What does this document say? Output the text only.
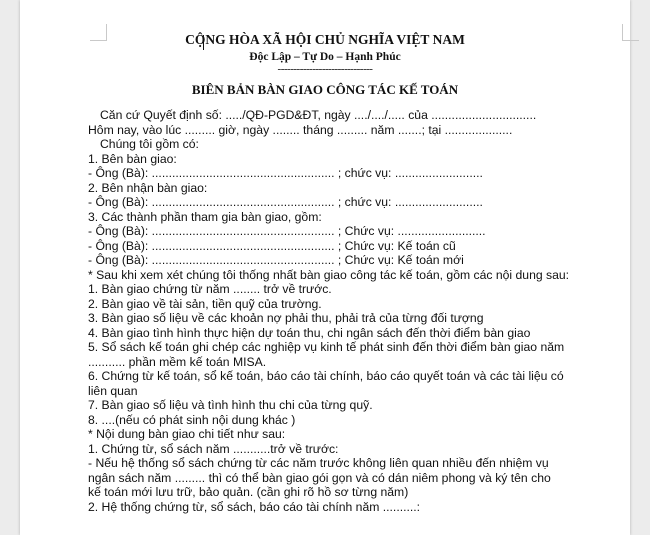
CỘNG HÒA XÃ HỘI CHỦ NGHĨA VIỆT NAM
Độc Lập – Tự Do – Hạnh Phúc
------------------------------
BIÊN BẢN BÀN GIAO CÔNG TÁC KẾ TOÁN
Căn cứ Quyết định số: ...../QĐ-PGD&ĐT, ngày ..../..../..... của ...............................
Hôm nay, vào lúc ......... giờ, ngày ........ tháng ......... năm .......; tại ....................
Chúng tôi gồm có:
1. Bên bàn giao:
- Ông (Bà): ...................................................... ; chức vụ: ..........................
2. Bên nhận bàn giao:
- Ông (Bà): ...................................................... ; chức vụ: ..........................
3. Các thành phần tham gia bàn giao, gồm:
- Ông (Bà): ...................................................... ; Chức vụ: ..........................
- Ông (Bà): ...................................................... ; Chức vụ: Kế toán cũ
- Ông (Bà): ...................................................... ; Chức vụ: Kế toán mới
* Sau khi xem xét chúng tôi thống nhất bàn giao công tác kế toán, gồm các nội dung sau:
1. Bàn giao chứng từ năm ........ trở về trước.
2. Bàn giao về tài sản, tiền quỹ của trường.
3. Bàn giao số liệu về các khoản nợ phải thu, phải trả của từng đối tượng
4. Bàn giao tình hình thực hiện dự toán thu, chi ngân sách đến thời điểm bàn giao
5. Sổ sách kế toán ghi chép các nghiệp vụ kinh tế phát sinh đến thời điểm bàn giao năm
........... phần mềm kế toán MISA.
6. Chứng từ kế toán, sổ kế toán, báo cáo tài chính, báo cáo quyết toán và các tài liệu có
liên quan
7. Bàn giao số liệu và tình hình thu chi của từng quỹ.
8. ....(nếu có phát sinh nội dung khác )
* Nội dung bàn giao chi tiết như sau:
1. Chứng từ, sổ sách năm ...........trở về trước:
- Nếu hệ thống sổ sách chứng từ các năm trước không liên quan nhiều đến nhiệm vụ
ngân sách năm ......... thì có thể bàn giao gói gọn và có dán niêm phong và ký tên cho
kế toán mới lưu trữ, bảo quản. (cần ghi rõ hồ sơ từng năm)
2. Hệ thống chứng từ, sổ sách, báo cáo tài chính năm ..........:
